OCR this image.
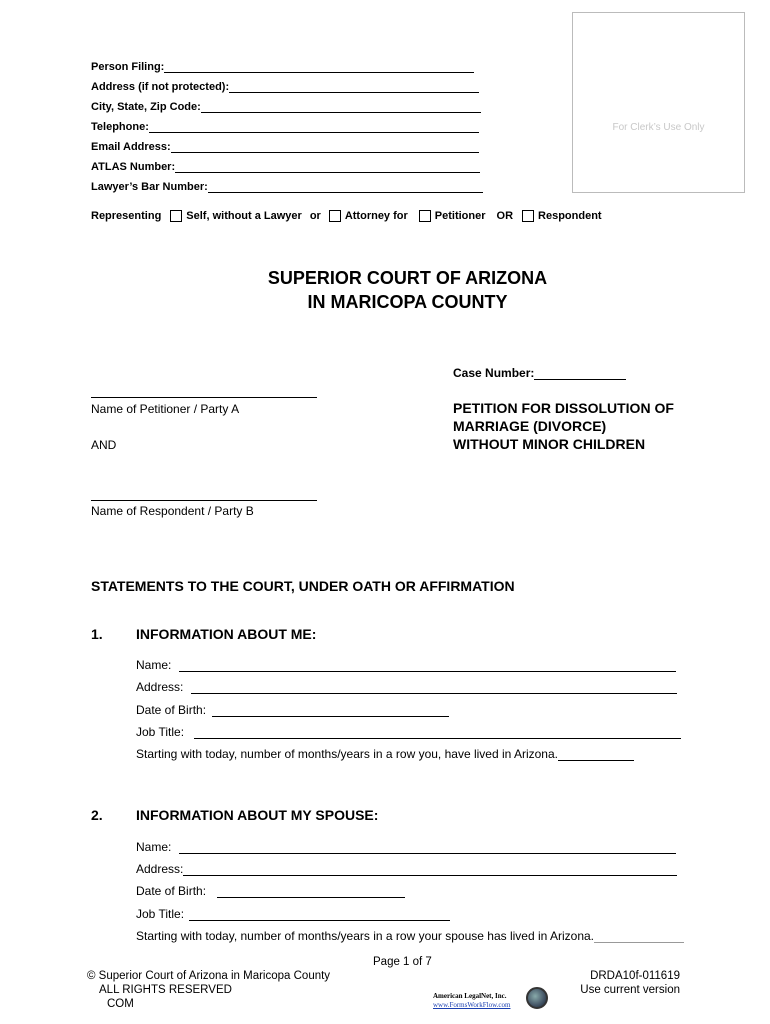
Person Filing:
Address (if not protected):
City, State, Zip Code:
Telephone:
Email Address:
ATLAS Number:
Lawyer’s Bar Number:
For Clerk’s Use Only
Representing Self, without a Lawyer or Attorney for Petitioner OR Respondent
SUPERIOR COURT OF ARIZONA
IN MARICOPA COUNTY
Case Number:
Name of Petitioner / Party A
AND
Name of Respondent / Party B
PETITION FOR DISSOLUTION OF
MARRIAGE (DIVORCE)
WITHOUT MINOR CHILDREN
STATEMENTS TO THE COURT, UNDER OATH OR AFFIRMATION
1. INFORMATION ABOUT ME:
Name:
Address:
Date of Birth:
Job Title:
Starting with today, number of months/years in a row you, have lived in Arizona.
2. INFORMATION ABOUT MY SPOUSE:
Name:
Address:
Date of Birth:
Job Title:
Starting with today, number of months/years in a row your spouse has lived in Arizona.
Page 1 of 7
© Superior Court of Arizona in Maricopa County
ALL RIGHTS RESERVED
COM
DRDA10f-011619
Use current version
American LegalNet, Inc.
www.FormsWorkFlow.com
